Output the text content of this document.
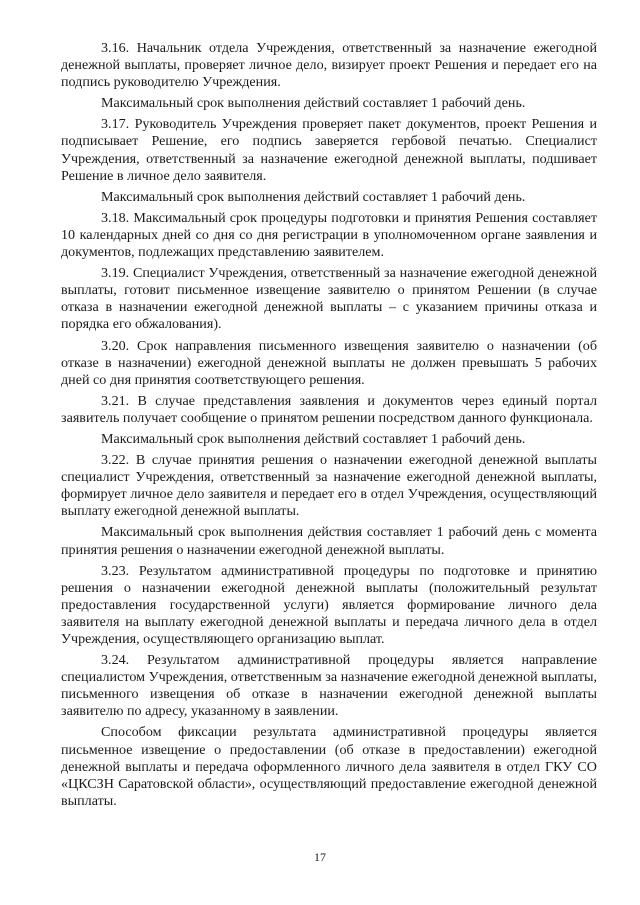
3.16. Начальник отдела Учреждения, ответственный за назначение ежегодной денежной выплаты, проверяет личное дело, визирует проект Решения и передает его на подпись руководителю Учреждения.

Максимальный срок выполнения действий составляет 1 рабочий день.

3.17. Руководитель Учреждения проверяет пакет документов, проект Решения и подписывает Решение, его подпись заверяется гербовой печатью. Специалист Учреждения, ответственный за назначение ежегодной денежной выплаты, подшивает Решение в личное дело заявителя.

Максимальный срок выполнения действий составляет 1 рабочий день.

3.18. Максимальный срок процедуры подготовки и принятия Решения составляет 10 календарных дней со дня со дня регистрации в уполномоченном органе заявления и документов, подлежащих представлению заявителем.

3.19. Специалист Учреждения, ответственный за назначение ежегодной денежной выплаты, готовит письменное извещение заявителю о принятом Решении (в случае отказа в назначении ежегодной денежной выплаты – с указанием причины отказа и порядка его обжалования).

3.20. Срок направления письменного извещения заявителю о назначении (об отказе в назначении) ежегодной денежной выплаты не должен превышать 5 рабочих дней со дня принятия соответствующего решения.

3.21. В случае представления заявления и документов через единый портал заявитель получает сообщение о принятом решении посредством данного функционала.

Максимальный срок выполнения действий составляет 1 рабочий день.

3.22. В случае принятия решения о назначении ежегодной денежной выплаты специалист Учреждения, ответственный за назначение ежегодной денежной выплаты, формирует личное дело заявителя и передает его в отдел Учреждения, осуществляющий выплату ежегодной денежной выплаты.

Максимальный срок выполнения действия составляет 1 рабочий день с момента принятия решения о назначении ежегодной денежной выплаты.

3.23. Результатом административной процедуры по подготовке и принятию решения о назначении ежегодной денежной выплаты (положительный результат предоставления государственной услуги) является формирование личного дела заявителя на выплату ежегодной денежной выплаты и передача личного дела в отдел Учреждения, осуществляющего организацию выплат.

3.24. Результатом административной процедуры является направление специалистом Учреждения, ответственным за назначение ежегодной денежной выплаты, письменного извещения об отказе в назначении ежегодной денежной выплаты заявителю по адресу, указанному в заявлении.

Способом фиксации результата административной процедуры является письменное извещение о предоставлении (об отказе в предоставлении) ежегодной денежной выплаты и передача оформленного личного дела заявителя в отдел ГКУ СО «ЦКСЗН Саратовской области», осуществляющий предоставление ежегодной денежной выплаты.

17
